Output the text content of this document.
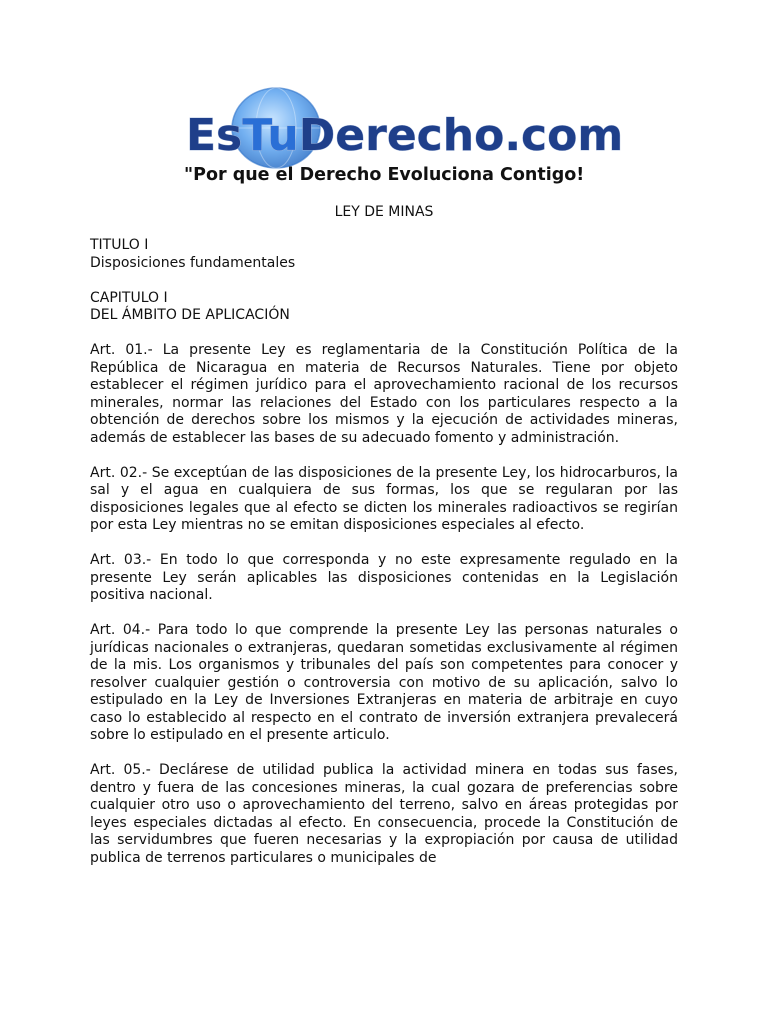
EsTuDerecho.com
"Por que el Derecho Evoluciona Contigo!
LEY DE MINAS

TITULO I

Disposiciones fundamentales

CAPITULO I

DEL ÁMBITO DE APLICACIÓN

Art. 01.- La presente Ley es reglamentaria de la Constitución Política de la República de Nicaragua en materia de Recursos Naturales. Tiene por objeto establecer el régimen jurídico para el aprovechamiento racional de los recursos minerales, normar las relaciones del Estado con los particulares respecto a la obtención de derechos sobre los mismos y la ejecución de actividades mineras, además de establecer las bases de su adecuado fomento y administración.

Art. 02.- Se exceptúan de las disposiciones de la presente Ley, los hidrocarburos, la sal y el agua en cualquiera de sus formas, los que se regularan por las disposiciones legales que al efecto se dicten los minerales radioactivos se regirían por esta Ley mientras no se emitan disposiciones especiales al efecto.

Art. 03.- En todo lo que corresponda y no este expresamente regulado en la presente Ley serán aplicables las disposiciones contenidas en la Legislación positiva nacional.

Art. 04.- Para todo lo que comprende la presente Ley las personas naturales o jurídicas nacionales o extranjeras, quedaran sometidas exclusivamente al régimen de la mis. Los organismos y tribunales del país son competentes para conocer y resolver cualquier gestión o controversia con motivo de su aplicación, salvo lo estipulado en la Ley de Inversiones Extranjeras en materia de arbitraje en cuyo caso lo establecido al respecto en el contrato de inversión extranjera prevalecerá sobre lo estipulado en el presente articulo.

Art. 05.- Declárese de utilidad publica la actividad minera en todas sus fases, dentro y fuera de las concesiones mineras, la cual gozara de preferencias sobre cualquier otro uso o aprovechamiento del terreno, salvo en áreas protegidas por leyes especiales dictadas al efecto. En consecuencia, procede la Constitución de las servidumbres que fueren necesarias y la expropiación por causa de utilidad publica de terrenos particulares o municipales de
